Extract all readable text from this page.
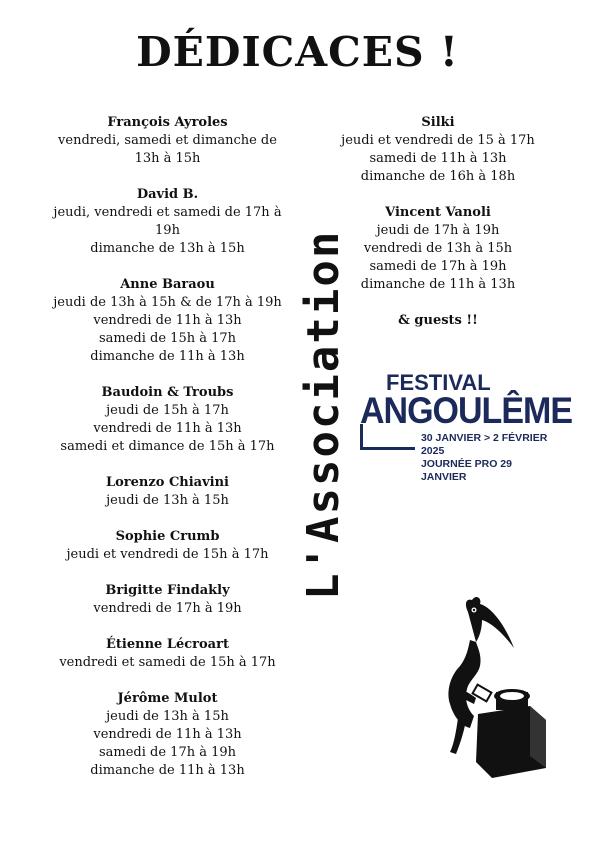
DÉDICACES !
François Ayroles
vendredi, samedi et dimanche de
13h à 15h
David B.
jeudi, vendredi et samedi de 17h à
19h
dimanche de 13h à 15h
Anne Baraou
jeudi de 13h à 15h & de 17h à 19h
vendredi de 11h à 13h
samedi de 15h à 17h
dimanche de 11h à 13h
Baudoin & Troubs
jeudi de 15h à 17h
vendredi de 11h à 13h
samedi et dimance de 15h à 17h
Lorenzo Chiavini
jeudi de 13h à 15h
Sophie Crumb
jeudi et vendredi de 15h à 17h
Brigitte Findakly
vendredi de 17h à 19h
Étienne Lécroart
vendredi et samedi de 15h à 17h
Jérôme Mulot
jeudi de 13h à 15h
vendredi de 11h à 13h
samedi de 17h à 19h
dimanche de 11h à 13h
Silki
jeudi et vendredi de 15 à 17h
samedi de 11h à 13h
dimanche de 16h à 18h
Vincent Vanoli
jeudi de 17h à 19h
vendredi de 13h à 15h
samedi de 17h à 19h
dimanche de 11h à 13h
& guests !!
L'Association	FESTIVAL
ANGOULÊME
30 JANVIER > 2 FÉVRIER 2025
JOURNÉE PRO 29 JANVIER
